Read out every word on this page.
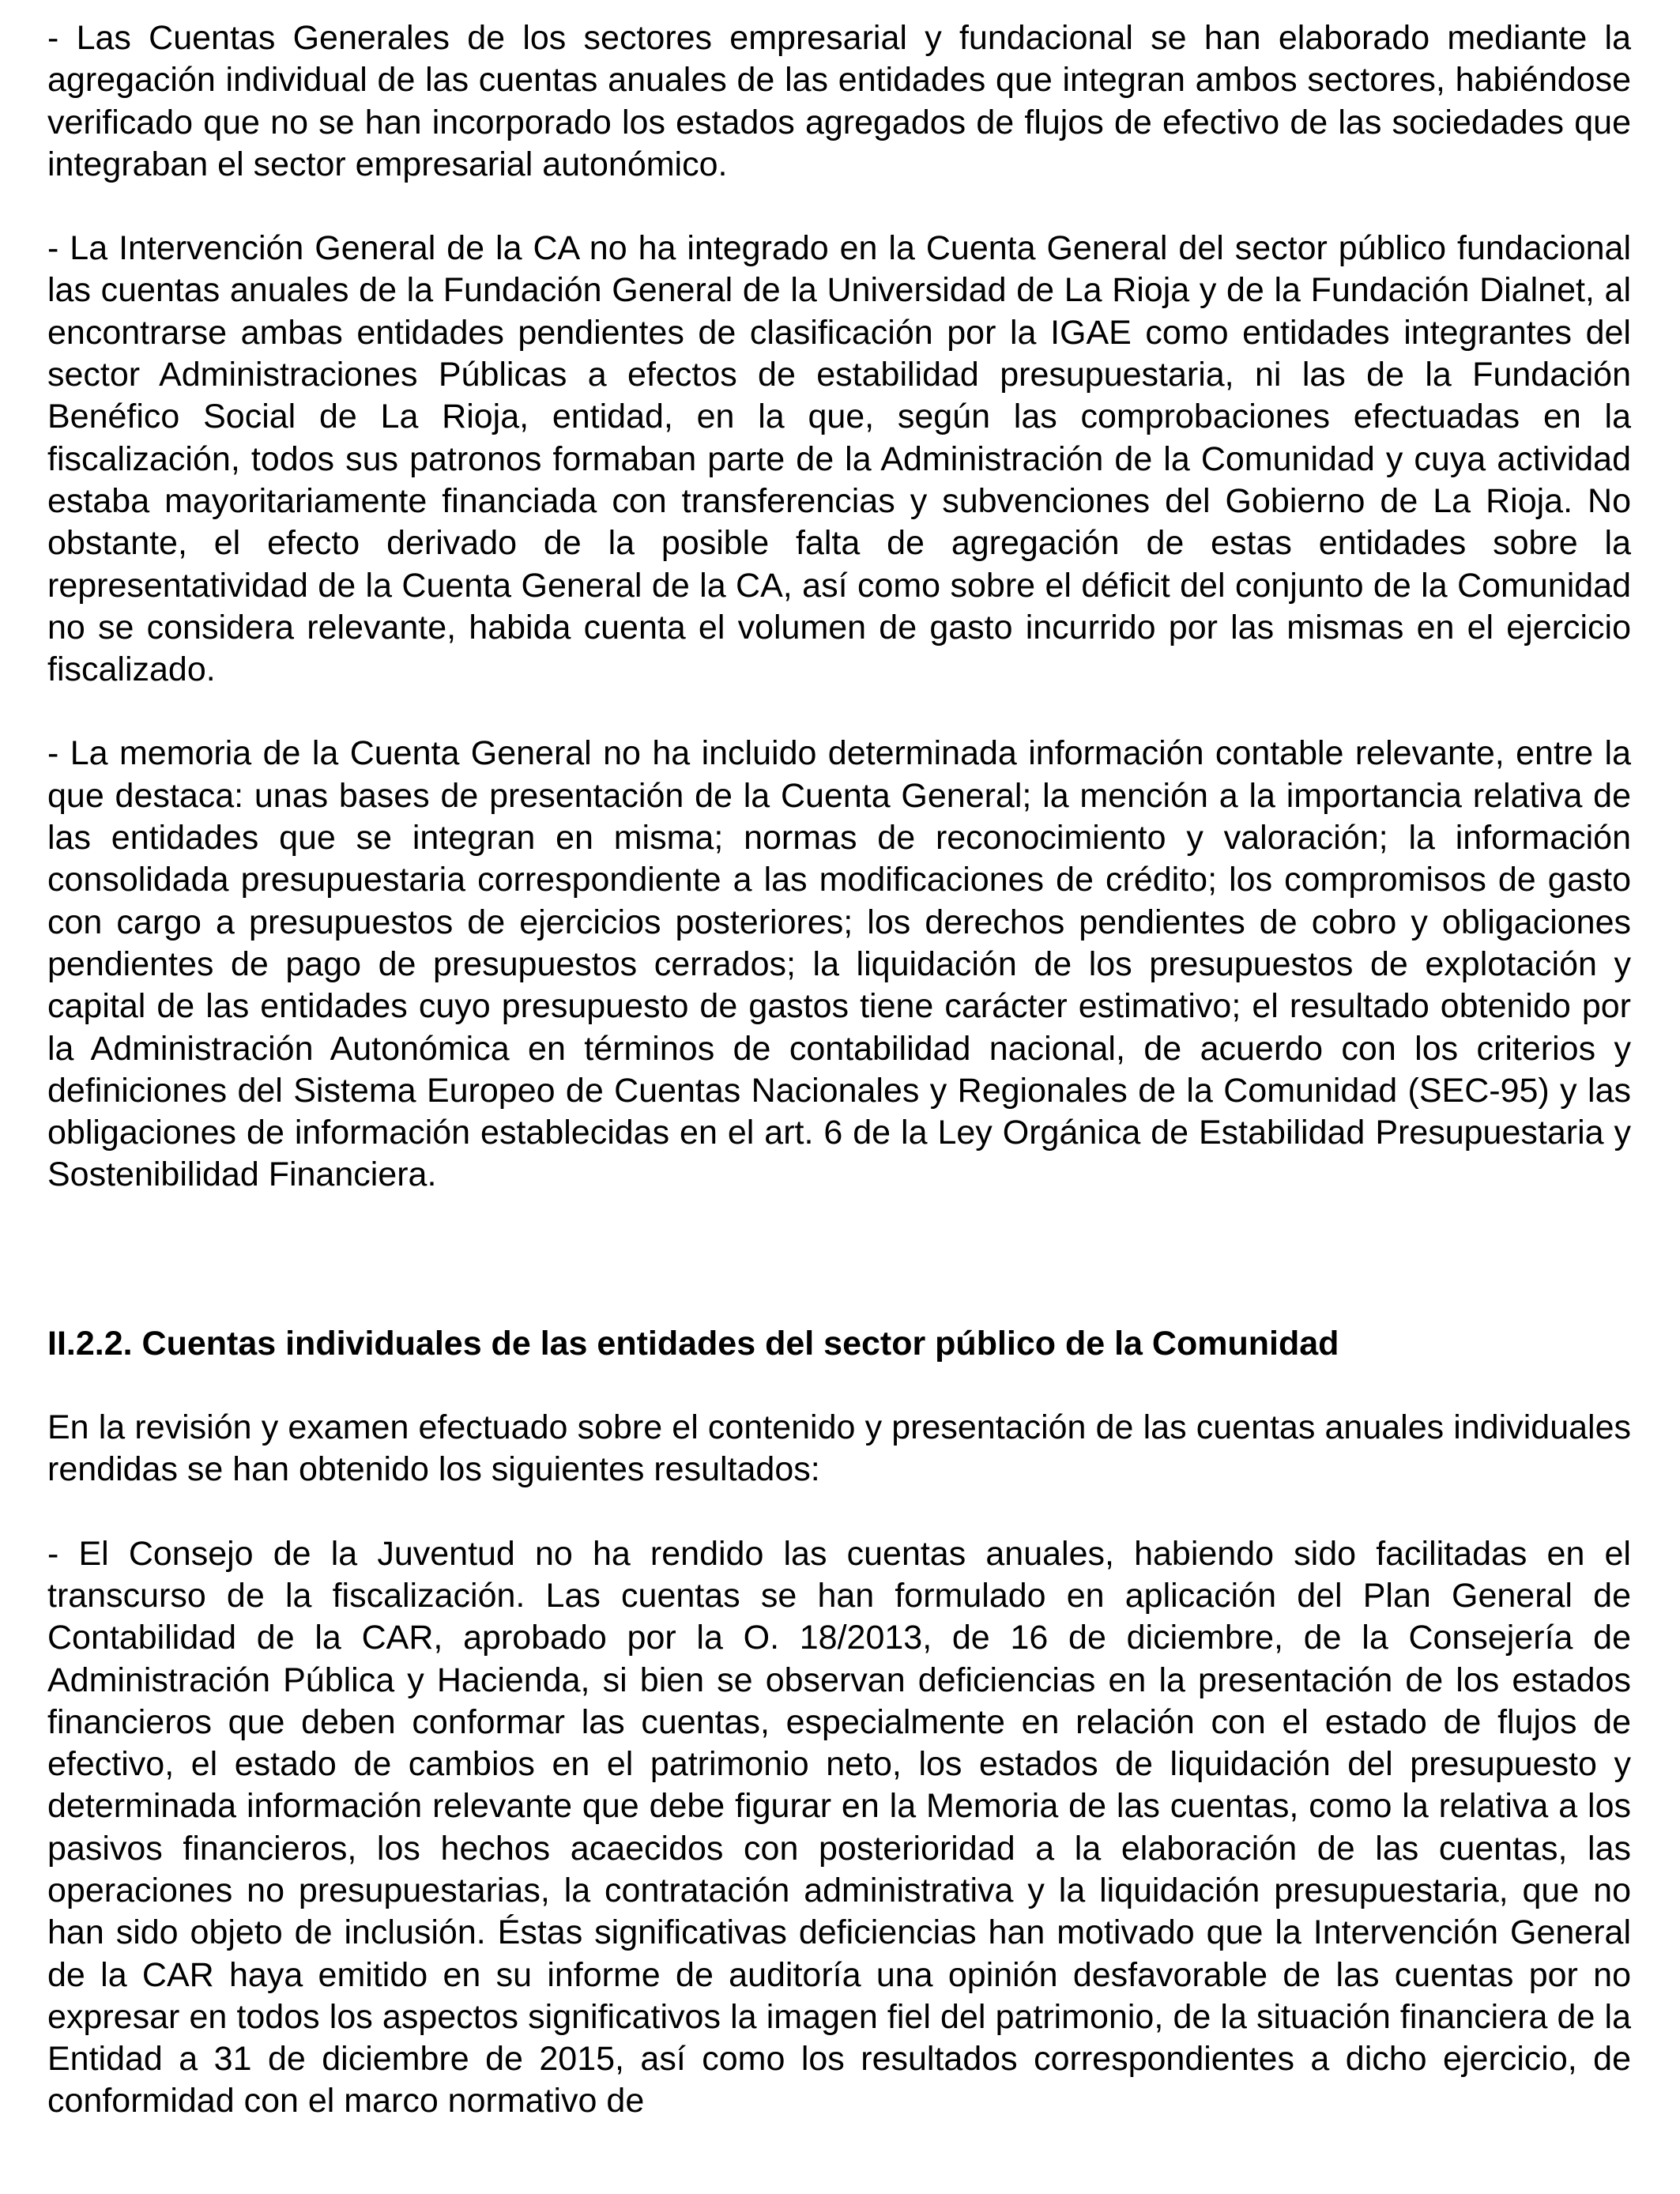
- Las Cuentas Generales de los sectores empresarial y fundacional se han elaborado mediante la agregación individual de las cuentas anuales de las entidades que integran ambos sectores, habiéndose verificado que no se han incorporado los estados agregados de flujos de efectivo de las sociedades que integraban el sector empresarial autonómico.

- La Intervención General de la CA no ha integrado en la Cuenta General del sector público fundacional las cuentas anuales de la Fundación General de la Universidad de La Rioja y de la Fundación Dialnet, al encontrarse ambas entidades pendientes de clasificación por la IGAE como entidades integrantes del sector Administraciones Públicas a efectos de estabilidad presupuestaria, ni las de la Fundación Benéfico Social de La Rioja, entidad, en la que, según las comprobaciones efectuadas en la fiscalización, todos sus patronos formaban parte de la Administración de la Comunidad y cuya actividad estaba mayoritariamente financiada con transferencias y subvenciones del Gobierno de La Rioja. No obstante, el efecto derivado de la posible falta de agregación de estas entidades sobre la representatividad de la Cuenta General de la CA, así como sobre el déficit del conjunto de la Comunidad no se considera relevante, habida cuenta el volumen de gasto incurrido por las mismas en el ejercicio fiscalizado.

- La memoria de la Cuenta General no ha incluido determinada información contable relevante, entre la que destaca: unas bases de presentación de la Cuenta General; la mención a la importancia relativa de las entidades que se integran en misma; normas de reconocimiento y valoración; la información consolidada presupuestaria correspondiente a las modificaciones de crédito; los compromisos de gasto con cargo a presupuestos de ejercicios posteriores; los derechos pendientes de cobro y obligaciones pendientes de pago de presupuestos cerrados; la liquidación de los presupuestos de explotación y capital de las entidades cuyo presupuesto de gastos tiene carácter estimativo; el resultado obtenido por la Administración Autonómica en términos de contabilidad nacional, de acuerdo con los criterios y definiciones del Sistema Europeo de Cuentas Nacionales y Regionales de la Comunidad (SEC-95) y las obligaciones de información establecidas en el art. 6 de la Ley Orgánica de Estabilidad Presupuestaria y Sostenibilidad Financiera.

II.2.2. Cuentas individuales de las entidades del sector público de la Comunidad

En la revisión y examen efectuado sobre el contenido y presentación de las cuentas anuales individuales rendidas se han obtenido los siguientes resultados:

- El Consejo de la Juventud no ha rendido las cuentas anuales, habiendo sido facilitadas en el transcurso de la fiscalización. Las cuentas se han formulado en aplicación del Plan General de Contabilidad de la CAR, aprobado por la O. 18/2013, de 16 de diciembre, de la Consejería de Administración Pública y Hacienda, si bien se observan deficiencias en la presentación de los estados financieros que deben conformar las cuentas, especialmente en relación con el estado de flujos de efectivo, el estado de cambios en el patrimonio neto, los estados de liquidación del presupuesto y determinada información relevante que debe figurar en la Memoria de las cuentas, como la relativa a los pasivos financieros, los hechos acaecidos con posterioridad a la elaboración de las cuentas, las operaciones no presupuestarias, la contratación administrativa y la liquidación presupuestaria, que no han sido objeto de inclusión. Éstas significativas deficiencias han motivado que la Intervención General de la CAR haya emitido en su informe de auditoría una opinión desfavorable de las cuentas por no expresar en todos los aspectos significativos la imagen fiel del patrimonio, de la situación financiera de la Entidad a 31 de diciembre de 2015, así como los resultados correspondientes a dicho ejercicio, de conformidad con el marco normativo de
